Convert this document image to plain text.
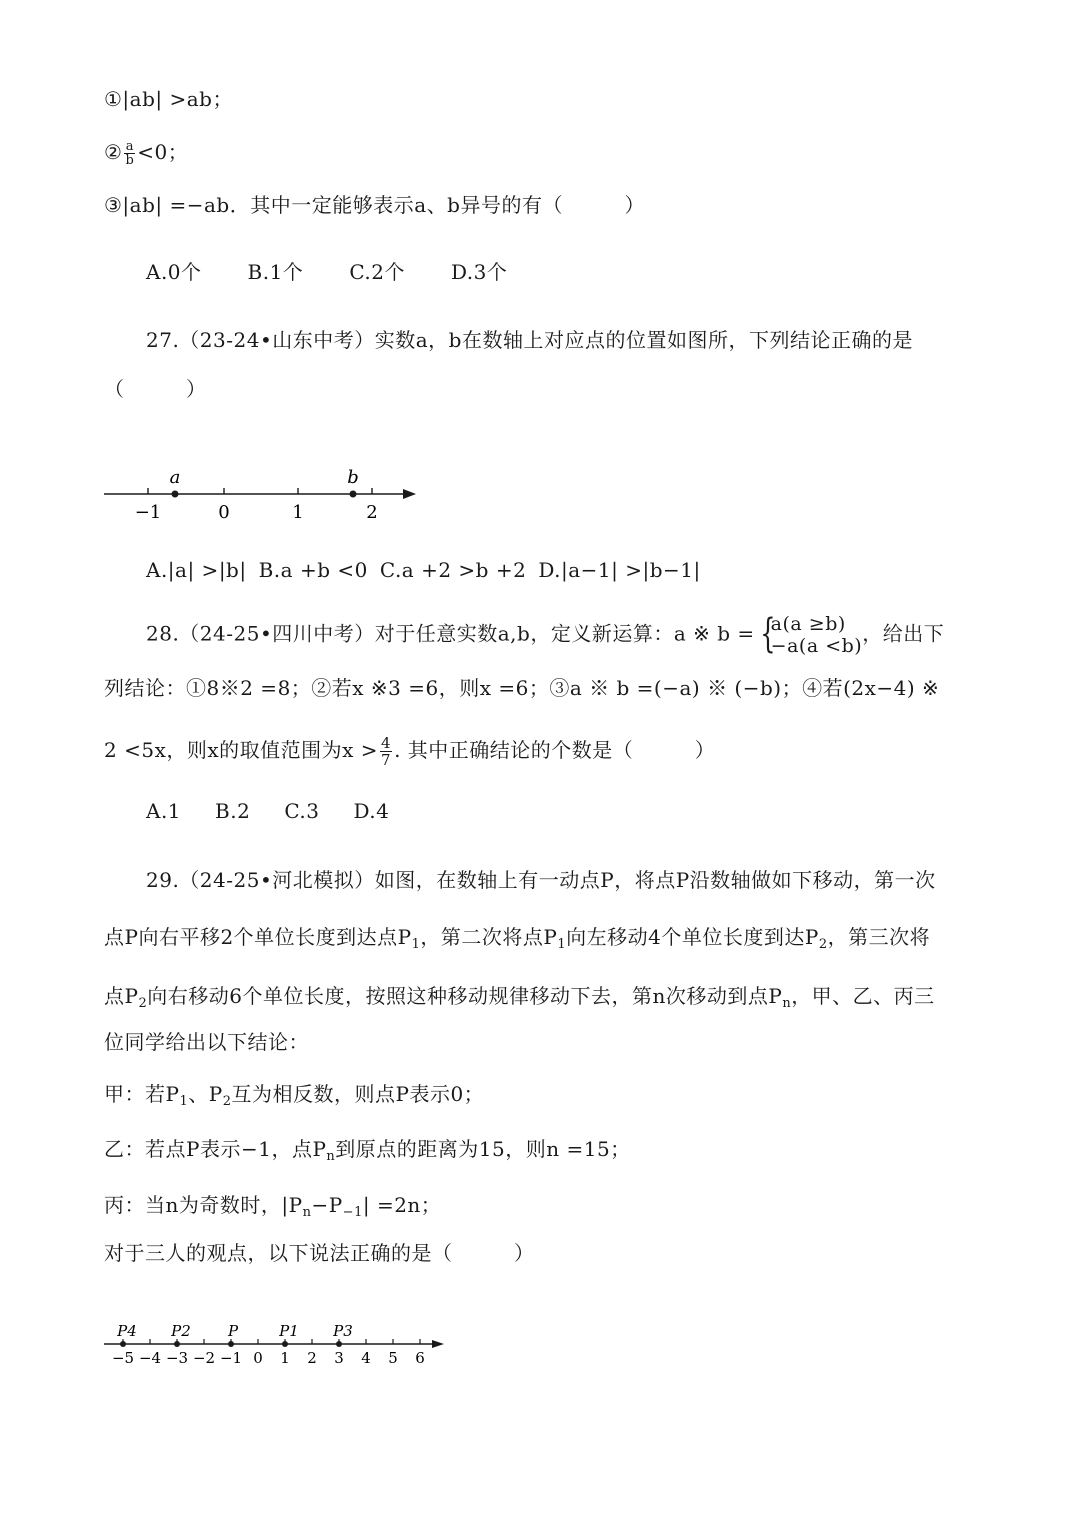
①|ab| >ab；
② $\frac{a}{b} <0$；
③|ab| =−ab．其中一定能够表示a、b异号的有（　　　）
A.0个 B.1个 C.2个 D.3个
27.（23-24•山东中考）实数a，b在数轴上对应点的位置如图所，下列结论正确的是
（　　　）
a	b
−1	0	1	2
A.|a| >|b| B.a +b <0 C.a +2 >b +2 D.|a−1| >|b−1|
28.（24-25•四川中考）对于任意实数a,b，定义新运算：a ※ b = {
a(a ≥b)
−a(a <b)
，给出下
列结论：①8※2 =8；②若x ※3 =6，则x =6；③a ※ b =(−a) ※ (−b)；④若(2x−4) ※
2 <5x，则x的取值范围为$x > \frac{4}{7}$ . 其中正确结论的个数是（　　　）
A.1 B.2 C.3 D.4
29.（24-25•河北模拟）如图，在数轴上有一动点P，将点P沿数轴做如下移动，第一次
点P向右平移2个单位长度到达点$P_1$，第二次将点$P_1$向左移动4个单位长度到达$P_2$，第三次将
点$P_2$向右移动6个单位长度，按照这种移动规律移动下去，第n次移动到点$P_n$，甲、乙、丙三
位同学给出以下结论：
甲：若$P_1$、$P_2$互为相反数，则点P表示0；
乙：若点P表示−1，点$P_n$到原点的距离为15，则n =15；
丙：当n为奇数时，$|P_n-P_{-1}| =2n$；
对于三人的观点，以下说法正确的是（　　　）
−5 −4 −3 −2 −1 0 1 2 3 4 5 6
P4 P2 P	P1 P3
